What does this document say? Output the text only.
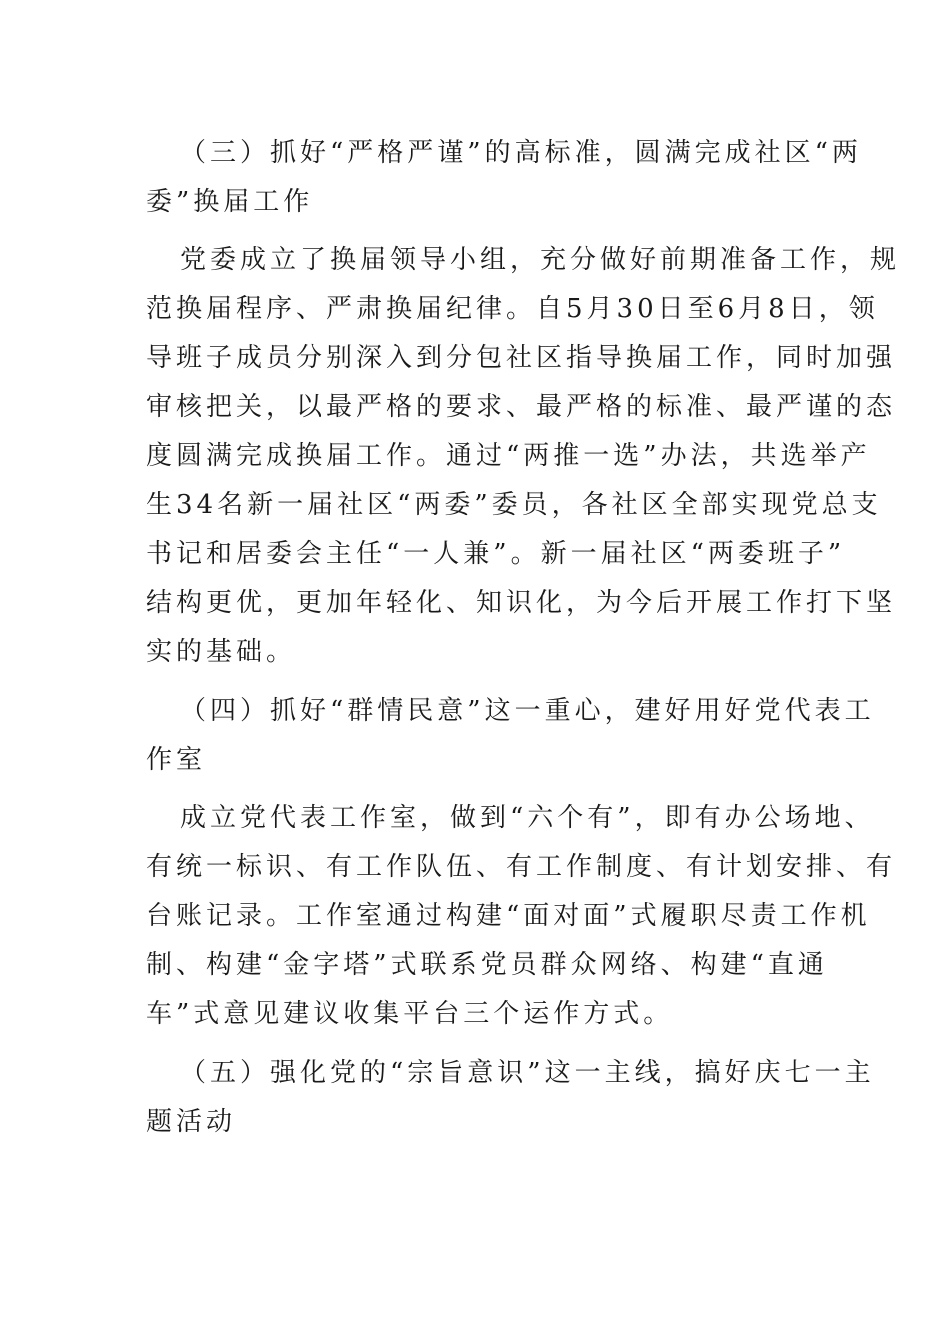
（三）抓好“严格严谨”的高标准，圆满完成社区“两
委”换届工作
党委成立了换届领导小组，充分做好前期准备工作，规
范换届程序、严肃换届纪律。自5月30日至6月8日，领
导班子成员分别深入到分包社区指导换届工作，同时加强
审核把关，以最严格的要求、最严格的标准、最严谨的态
度圆满完成换届工作。通过“两推一选”办法，共选举产
生34名新一届社区“两委”委员，各社区全部实现党总支
书记和居委会主任“一人兼”。新一届社区“两委班子”
结构更优，更加年轻化、知识化，为今后开展工作打下坚
实的基础。
（四）抓好“群情民意”这一重心，建好用好党代表工
作室
成立党代表工作室，做到“六个有”，即有办公场地、
有统一标识、有工作队伍、有工作制度、有计划安排、有
台账记录。工作室通过构建“面对面”式履职尽责工作机
制、构建“金字塔”式联系党员群众网络、构建“直通
车”式意见建议收集平台三个运作方式。
（五）强化党的“宗旨意识”这一主线，搞好庆七一主
题活动
